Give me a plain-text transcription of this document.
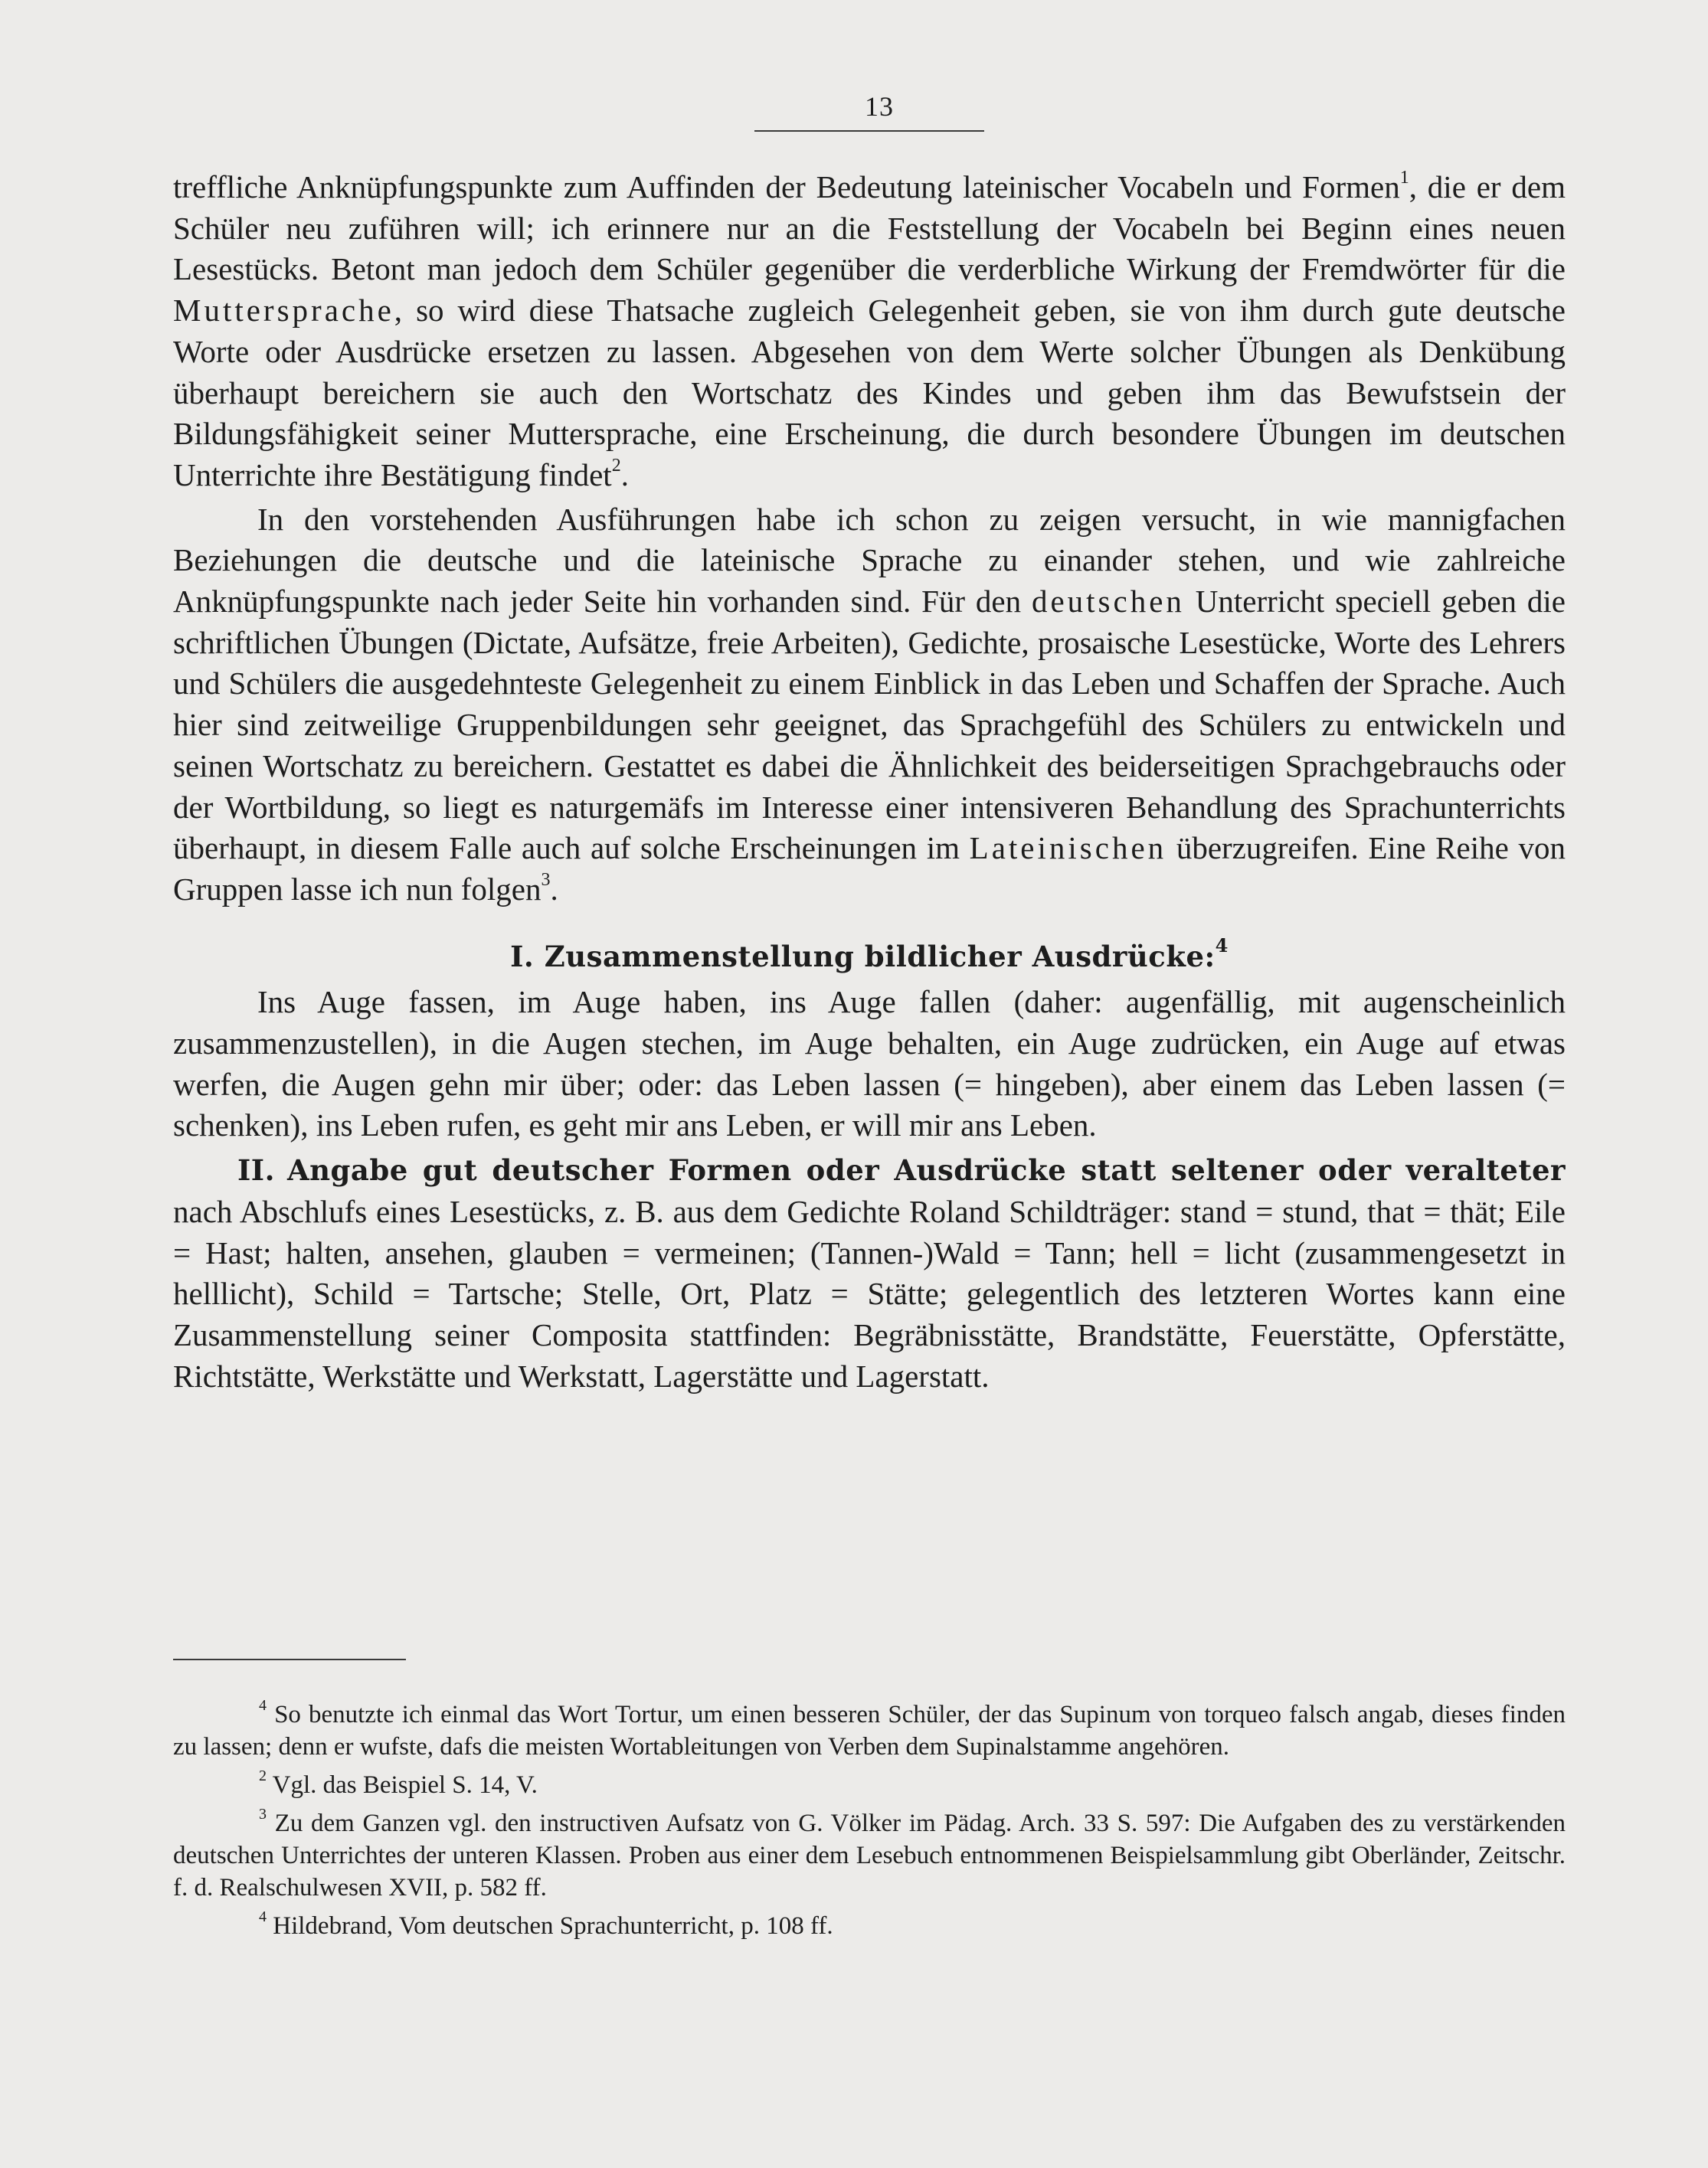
13

treffliche Anknüpfungspunkte zum Auffinden der Bedeutung lateinischer Vocabeln und Formen$^1$, die er dem Schüler neu zuführen will; ich erinnere nur an die Feststellung der Vocabeln bei Beginn eines neuen Lesestücks. Betont man jedoch dem Schüler gegenüber die verderbliche Wirkung der Fremdwörter für die Muttersprache, so wird diese Thatsache zugleich Gelegenheit geben, sie von ihm durch gute deutsche Worte oder Ausdrücke ersetzen zu lassen. Abgesehen von dem Werte solcher Übungen als Denkübung überhaupt bereichern sie auch den Wortschatz des Kindes und geben ihm das Bewufstsein der Bildungsfähigkeit seiner Muttersprache, eine Erscheinung, die durch besondere Übungen im deutschen Unterrichte ihre Bestätigung findet$^2$.

In den vorstehenden Ausführungen habe ich schon zu zeigen versucht, in wie mannigfachen Beziehungen die deutsche und die lateinische Sprache zu einander stehen, und wie zahlreiche Anknüpfungspunkte nach jeder Seite hin vorhanden sind. Für den deutschen Unterricht speciell geben die schriftlichen Übungen (Dictate, Aufsätze, freie Arbeiten), Gedichte, prosaische Lesestücke, Worte des Lehrers und Schülers die ausgedehnteste Gelegenheit zu einem Einblick in das Leben und Schaffen der Sprache. Auch hier sind zeitweilige Gruppenbildungen sehr geeignet, das Sprachgefühl des Schülers zu entwickeln und seinen Wortschatz zu bereichern. Gestattet es dabei die Ähnlichkeit des beiderseitigen Sprachgebrauchs oder der Wortbildung, so liegt es naturgemäfs im Interesse einer intensiveren Behandlung des Sprachunterrichts überhaupt, in diesem Falle auch auf solche Erscheinungen im Lateinischen überzugreifen. Eine Reihe von Gruppen lasse ich nun folgen$^3$.

I. Zusammenstellung bildlicher Ausdrücke:$^4$

Ins Auge fassen, im Auge haben, ins Auge fallen (daher: augenfällig, mit augenscheinlich zusammenzustellen), in die Augen stechen, im Auge behalten, ein Auge zudrücken, ein Auge auf etwas werfen, die Augen gehn mir über; oder: das Leben lassen (= hingeben), aber einem das Leben lassen (= schenken), ins Leben rufen, es geht mir ans Leben, er will mir ans Leben.

II. Angabe gut deutscher Formen oder Ausdrücke statt seltener oder veralteter nach Abschlufs eines Lesestücks, z. B. aus dem Gedichte Roland Schildträger: stand = stund, that = thät; Eile = Hast; halten, ansehen, glauben = vermeinen; (Tannen-)Wald = Tann; hell = licht (zusammengesetzt in helllicht), Schild = Tartsche; Stelle, Ort, Platz = Stätte; gelegentlich des letzteren Wortes kann eine Zusammenstellung seiner Composita stattfinden: Begräbnisstätte, Brandstätte, Feuerstätte, Opferstätte, Richtstätte, Werkstätte und Werkstatt, Lagerstätte und Lagerstatt.

$^4$ So benutzte ich einmal das Wort Tortur, um einen besseren Schüler, der das Supinum von torqueo falsch angab, dieses finden zu lassen; denn er wufste, dafs die meisten Wortableitungen von Verben dem Supinalstamme angehören.

$^2$ Vgl. das Beispiel S. 14, V.

$^3$ Zu dem Ganzen vgl. den instructiven Aufsatz von G. Völker im Pädag. Arch. 33 S. 597: Die Aufgaben des zu verstärkenden deutschen Unterrichtes der unteren Klassen. Proben aus einer dem Lesebuch entnommenen Beispielsammlung gibt Oberländer, Zeitschr. f. d. Realschulwesen XVII, p. 582 ff.

$^4$ Hildebrand, Vom deutschen Sprachunterricht, p. 108 ff.
